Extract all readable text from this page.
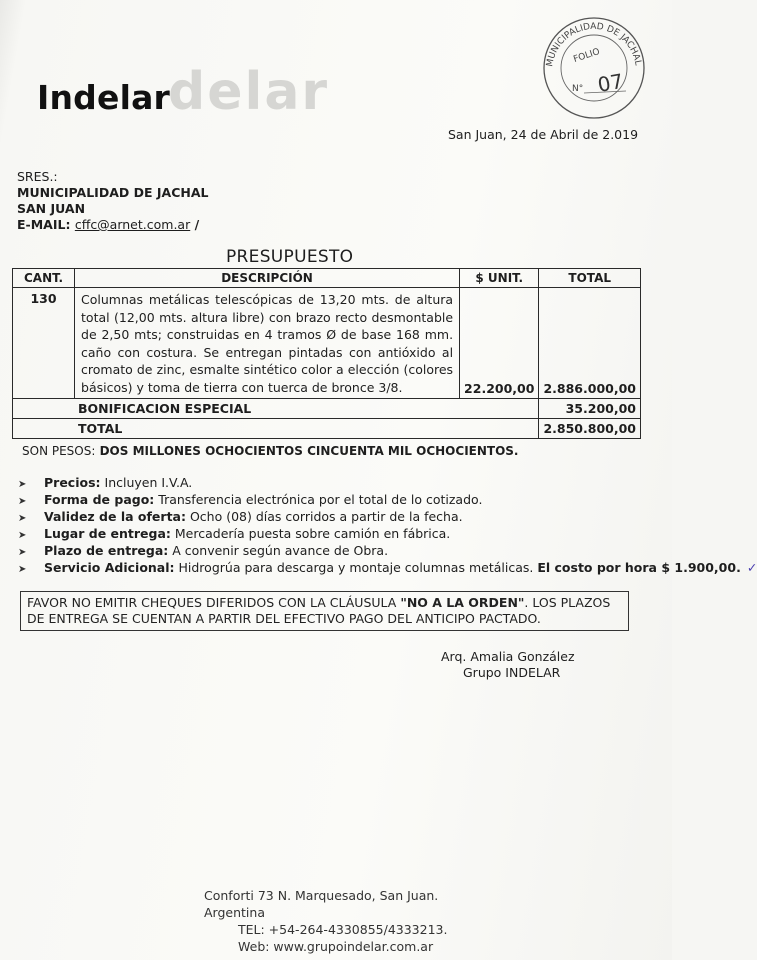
delar
Indelar
MUNICIPALIDAD DE JACHAL
FOLIO
N° 07
San Juan, 24 de Abril de 2.019
SRES.:
MUNICIPALIDAD DE JACHAL
SAN JUAN
E-MAIL: cffc@arnet.com.ar /
PRESUPUESTO
CANT.	DESCRIPCIÓN	$ UNIT.	TOTAL
130	Columnas metálicas telescópicas de 13,20 mts. de altura total (12,00 mts. altura libre) con brazo recto desmontable de 2,50 mts; construidas en 4 tramos Ø de base 168 mm. caño con costura. Se entregan pintadas con antióxido al cromato de zinc, esmalte sintético color a elección (colores básicos) y toma de tierra con tuerca de bronce 3/8.	22.200,00	2.886.000,00
BONIFICACION ESPECIAL			35.200,00
TOTAL			2.850.800,00
SON PESOS: DOS MILLONES OCHOCIENTOS CINCUENTA MIL OCHOCIENTOS.
➤ Precios: Incluyen I.V.A.
➤ Forma de pago: Transferencia electrónica por el total de lo cotizado.
➤ Validez de la oferta: Ocho (08) días corridos a partir de la fecha.
➤ Lugar de entrega: Mercadería puesta sobre camión en fábrica.
➤ Plazo de entrega: A convenir según avance de Obra.
➤ Servicio Adicional: Hidrogrúa para descarga y montaje columnas metálicas. El costo por hora $ 1.900,00. ✓
FAVOR NO EMITIR CHEQUES DIFERIDOS CON LA CLÁUSULA "NO A LA ORDEN". LOS PLAZOS DE ENTREGA SE CUENTAN A PARTIR DEL EFECTIVO PAGO DEL ANTICIPO PACTADO.
Arq. Amalia González
Grupo INDELAR
Conforti 73 N. Marquesado, San Juan. Argentina
TEL: +54-264-4330855/4333213.
Web: www.grupoindelar.com.ar
